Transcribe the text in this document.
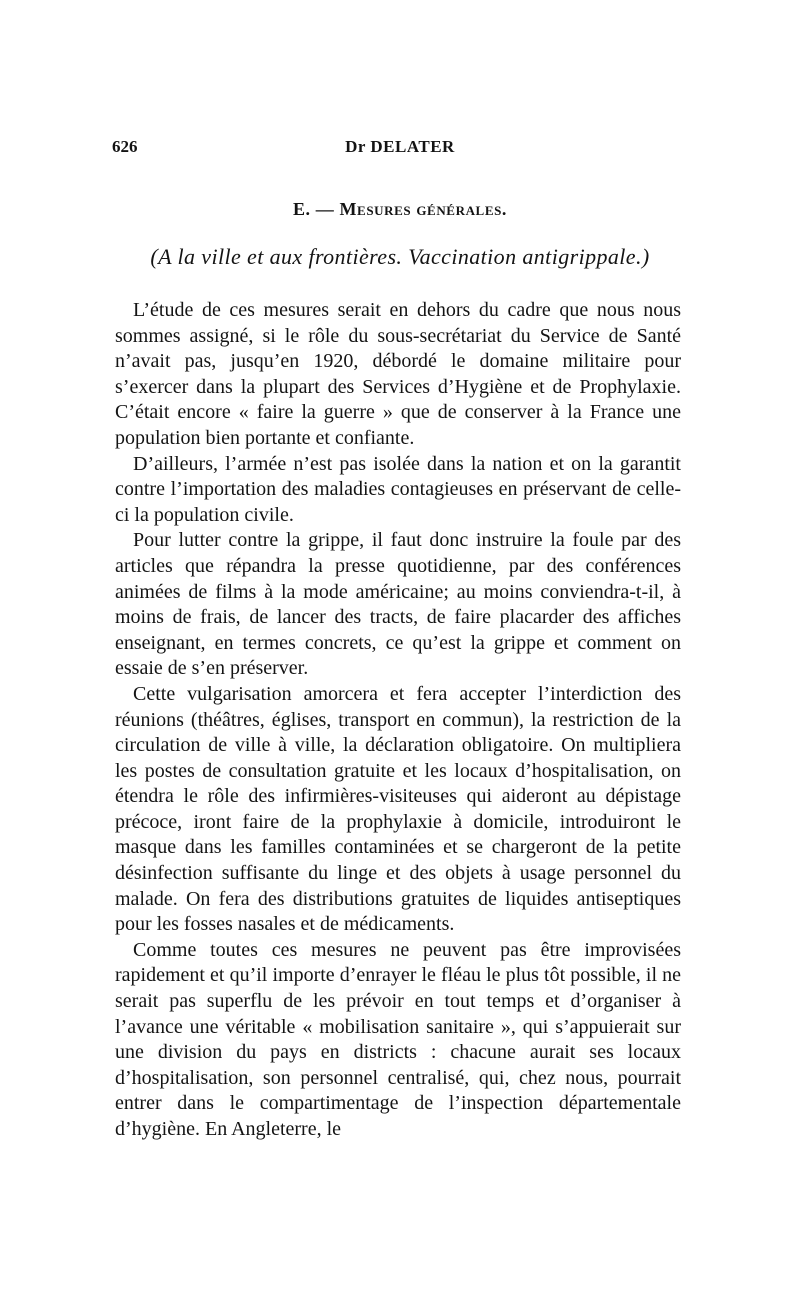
626	Dr DELATER
E. — Mesures générales.
(A la ville et aux frontières. Vaccination antigrippale.)

L’étude de ces mesures serait en dehors du cadre que nous nous sommes assigné, si le rôle du sous-secrétariat du Service de Santé n’avait pas, jusqu’en 1920, débordé le domaine militaire pour s’exercer dans la plupart des Services d’Hygiène et de Prophylaxie. C’était encore « faire la guerre » que de conserver à la France une population bien portante et confiante.

D’ailleurs, l’armée n’est pas isolée dans la nation et on la garantit contre l’importation des maladies contagieuses en préservant de celle-ci la population civile.

Pour lutter contre la grippe, il faut donc instruire la foule par des articles que répandra la presse quotidienne, par des conférences animées de films à la mode américaine; au moins conviendra-t-il, à moins de frais, de lancer des tracts, de faire placarder des affiches enseignant, en termes concrets, ce qu’est la grippe et comment on essaie de s’en préserver.

Cette vulgarisation amorcera et fera accepter l’interdiction des réunions (théâtres, églises, transport en commun), la restriction de la circulation de ville à ville, la déclaration obligatoire. On multipliera les postes de consultation gratuite et les locaux d’hospitalisation, on étendra le rôle des infirmières-visiteuses qui aideront au dépistage précoce, iront faire de la prophylaxie à domicile, introduiront le masque dans les familles contaminées et se chargeront de la petite désinfection suffisante du linge et des objets à usage personnel du malade. On fera des distributions gratuites de liquides antiseptiques pour les fosses nasales et de médicaments.

Comme toutes ces mesures ne peuvent pas être improvisées rapidement et qu’il importe d’enrayer le fléau le plus tôt possible, il ne serait pas superflu de les prévoir en tout temps et d’organiser à l’avance une véritable « mobilisation sanitaire », qui s’appuierait sur une division du pays en districts : chacune aurait ses locaux d’hospitalisation, son personnel centralisé, qui, chez nous, pourrait entrer dans le compartimentage de l’inspection départementale d’hygiène. En Angleterre, le
